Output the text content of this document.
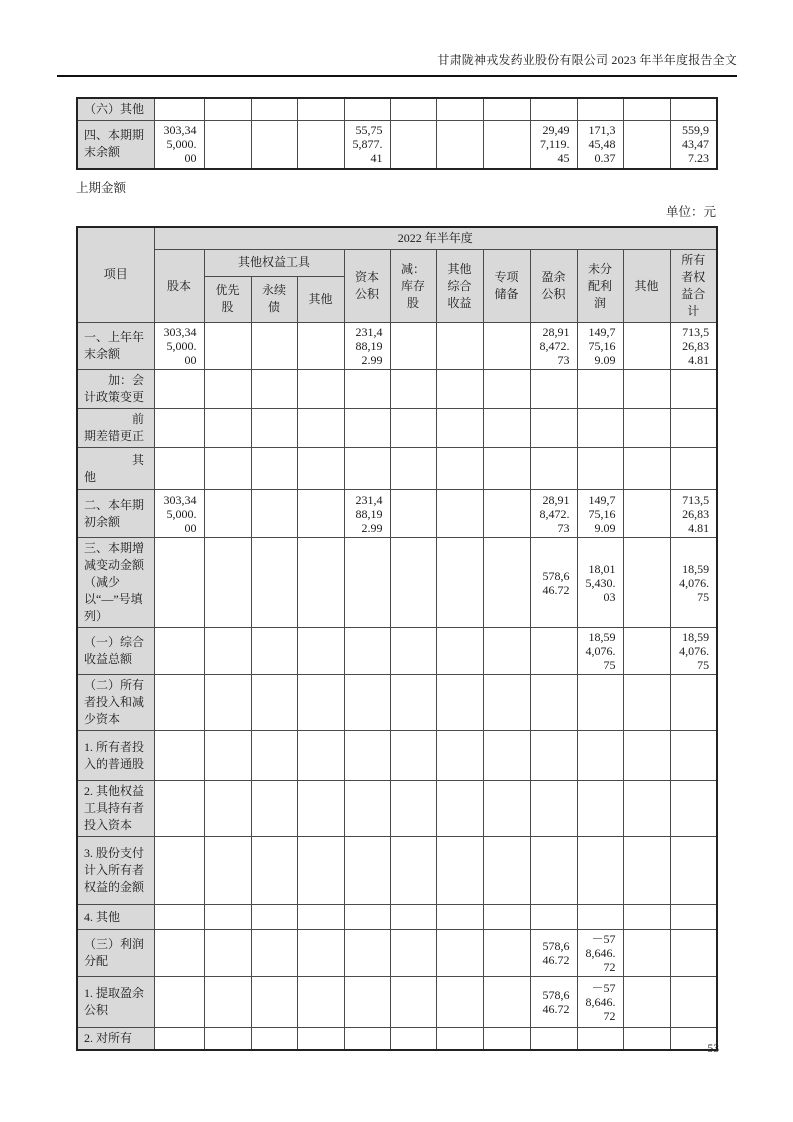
甘肃陇神戎发药业股份有限公司 2023 年半年度报告全文
（六）其他												
四、本期期末余额	303,345,000.00				55,755,877.41				29,497,119.45	171,345,480.37		559,943,477.23
上期金额
单位：元
项目	2022 年半年度											
	股本	其他权益工具			资本公积	减：库存股	其他综合收益	专项储备	盈余公积	未分配利润	其他	所有者权益合计
		优先股	永续债	其他								
一、上年年末余额	303,345,000.00				231,488,192.99				28,918,472.73	149,775,169.09		713,526,834.81
　　加：会计政策变更												
　　　　前期差错更正												
　　　　其他												
二、本年期初余额	303,345,000.00				231,488,192.99				28,918,472.73	149,775,169.09		713,526,834.81
三、本期增减变动金额（减少以“—”号填列）									578,646.72	18,015,430.03		18,594,076.75
（一）综合收益总额										18,594,076.75		18,594,076.75
（二）所有者投入和减少资本												
1. 所有者投入的普通股												
2. 其他权益工具持有者投入资本												
3. 股份支付计入所有者权益的金额												
4. 其他												
（三）利润分配									578,646.72	－578,646.72		
1. 提取盈余公积									578,646.72	－578,646.72		
2. 对所有												
53
